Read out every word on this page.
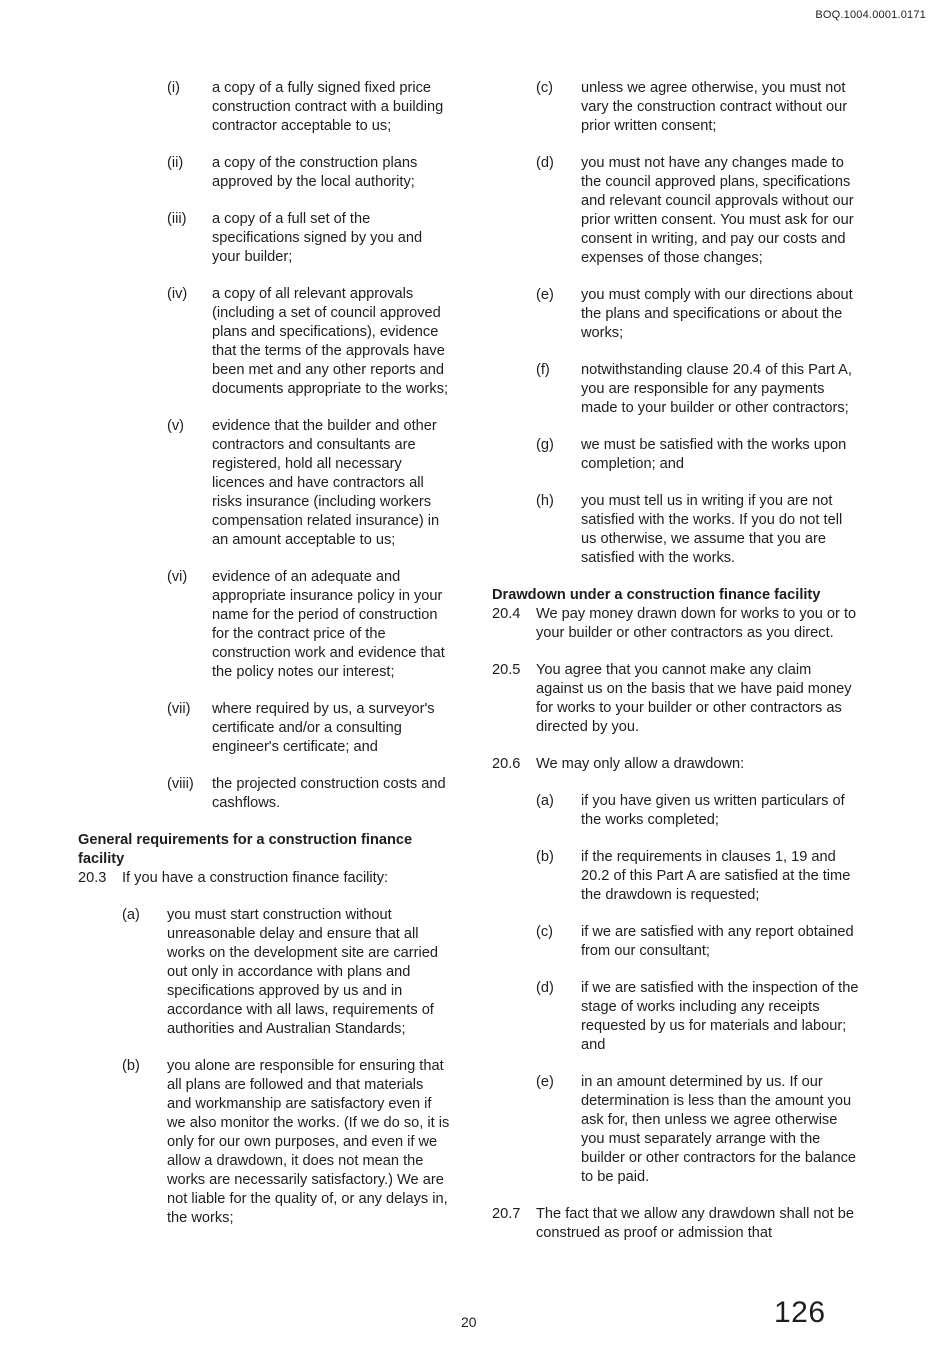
BOQ.1004.0001.0171
(i)	a copy of a fully signed fixed price construction contract with a building contractor acceptable to us;
(ii)	a copy of the construction plans approved by the local authority;
(iii)	a copy of a full set of the specifications signed by you and your builder;
(iv)	a copy of all relevant approvals (including a set of council approved plans and specifications), evidence that the terms of the approvals have been met and any other reports and documents appropriate to the works;
(v)	evidence that the builder and other contractors and consultants are registered, hold all necessary licences and have contractors all risks insurance (including workers compensation related insurance) in an amount acceptable to us;
(vi)	evidence of an adequate and appropriate insurance policy in your name for the period of construction for the contract price of the construction work and evidence that the policy notes our interest;
(vii)	where required by us, a surveyor's certificate and/or a consulting engineer's certificate; and
(viii)	the projected construction costs and cashflows.

General requirements for a construction finance facility

20.3	If you have a construction finance facility:
(a)	you must start construction without unreasonable delay and ensure that all works on the development site are carried out only in accordance with plans and specifications approved by us and in accordance with all laws, requirements of authorities and Australian Standards;
(b)	you alone are responsible for ensuring that all plans are followed and that materials and workmanship are satisfactory even if we also monitor the works. (If we do so, it is only for our own purposes, and even if we allow a drawdown, it does not mean the works are necessarily satisfactory.) We are not liable for the quality of, or any delays in, the works;
(c)	unless we agree otherwise, you must not vary the construction contract without our prior written consent;
(d)	you must not have any changes made to the council approved plans, specifications and relevant council approvals without our prior written consent. You must ask for our consent in writing, and pay our costs and expenses of those changes;
(e)	you must comply with our directions about the plans and specifications or about the works;
(f)	notwithstanding clause 20.4 of this Part A, you are responsible for any payments made to your builder or other contractors;
(g)	we must be satisfied with the works upon completion; and
(h)	you must tell us in writing if you are not satisfied with the works. If you do not tell us otherwise, we assume that you are satisfied with the works.

Drawdown under a construction finance facility

20.4	We pay money drawn down for works to you or to your builder or other contractors as you direct.
20.5	You agree that you cannot make any claim against us on the basis that we have paid money for works to your builder or other contractors as directed by you.
20.6	We may only allow a drawdown:
(a)	if you have given us written particulars of the works completed;
(b)	if the requirements in clauses 1, 19 and 20.2 of this Part A are satisfied at the time the drawdown is requested;
(c)	if we are satisfied with any report obtained from our consultant;
(d)	if we are satisfied with the inspection of the stage of works including any receipts requested by us for materials and labour; and
(e)	in an amount determined by us. If our determination is less than the amount you ask for, then unless we agree otherwise you must separately arrange with the builder or other contractors for the balance to be paid.
20.7	The fact that we allow any drawdown shall not be construed as proof or admission that
20	126
